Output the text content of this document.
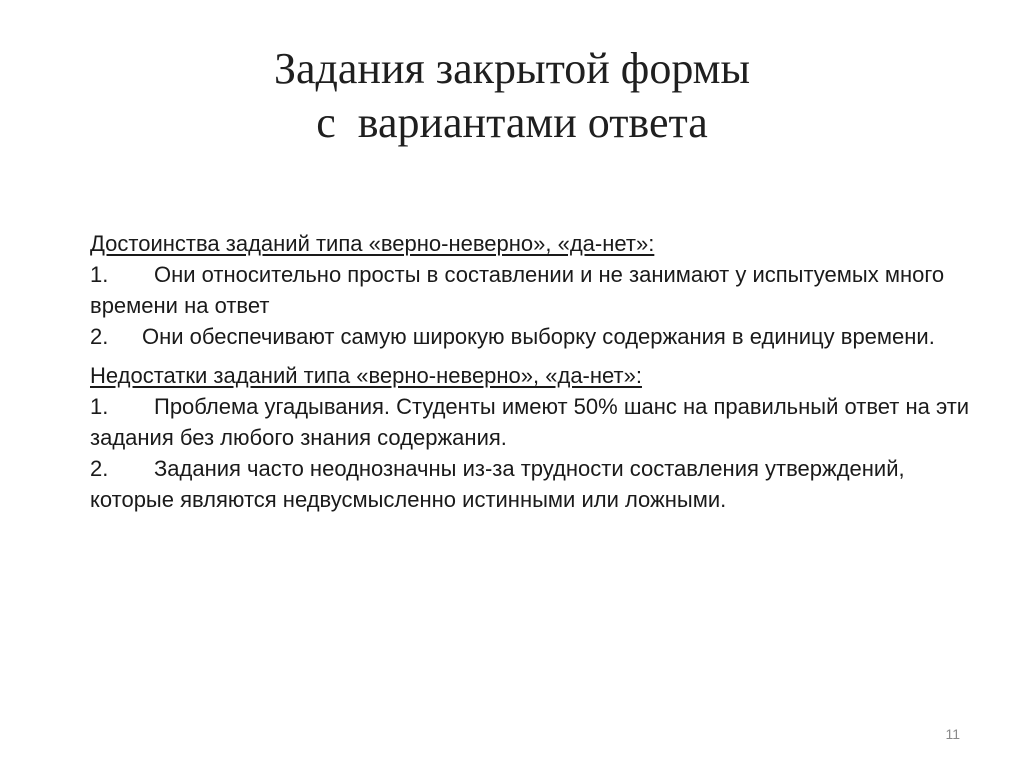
Задания закрытой формы
с  вариантами ответа
Достоинства заданий типа «верно-неверно», «да-нет»:
1. Они относительно просты в составлении и не занимают у испытуемых много времени на ответ
2. Они обеспечивают самую широкую выборку содержания в единицу времени.
Недостатки заданий типа «верно-неверно», «да-нет»:
1. Проблема угадывания. Студенты имеют 50% шанс на правильный ответ на эти задания без любого знания содержания.
2. Задания часто неоднозначны из-за трудности составления утверждений, которые являются недвусмысленно истинными или ложными.
11
